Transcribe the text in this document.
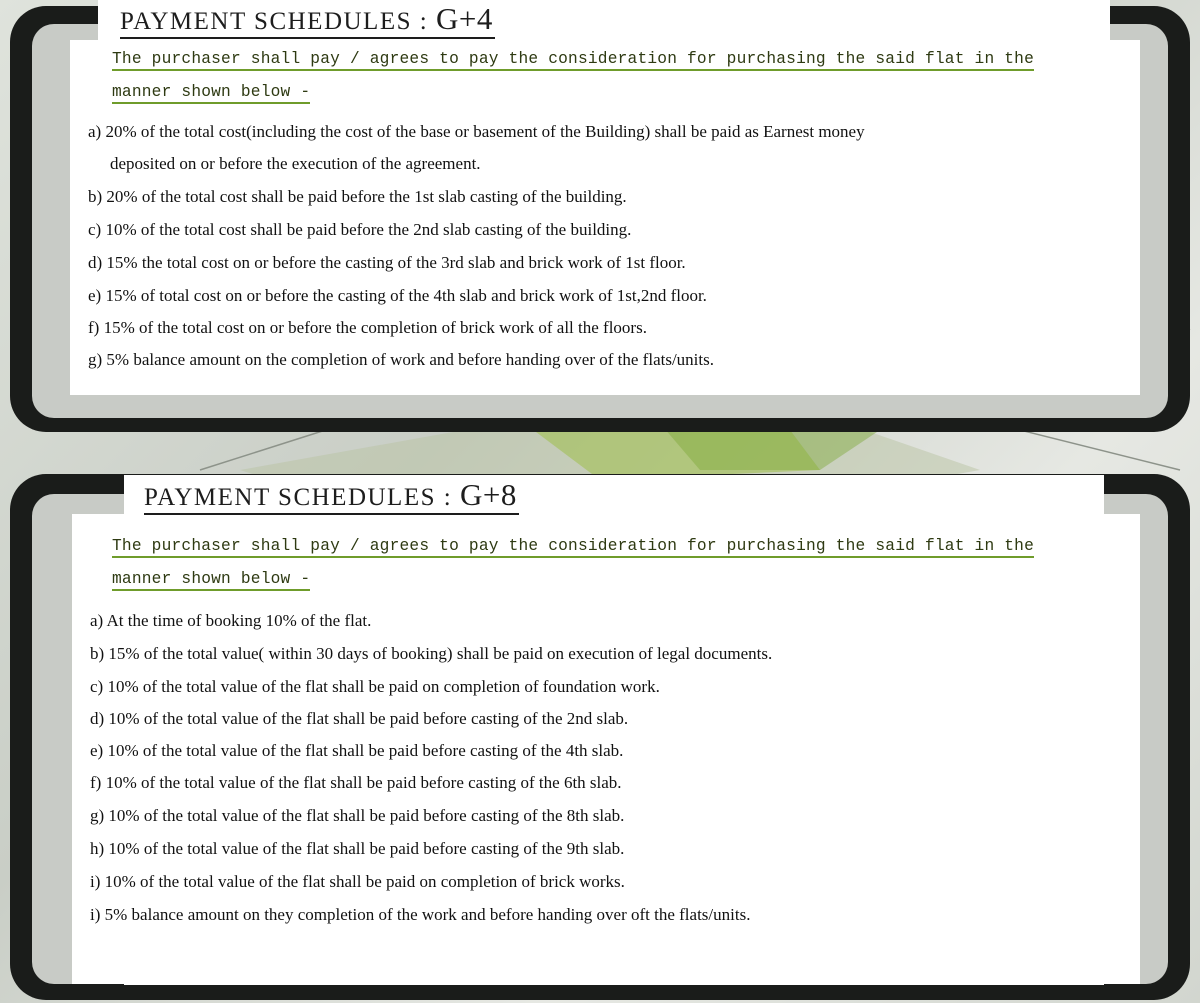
PAYMENT SCHEDULES : G+4
The purchaser shall pay / agrees to pay the consideration for purchasing the said flat in the
manner shown below -
a) 20% of the total cost(including the cost of the base or basement of the Building) shall be paid as Earnest money
deposited on or before the execution of the agreement.
b) 20% of the total cost shall be paid before the 1st slab casting of the building.
c) 10% of the total cost shall be paid before the 2nd slab casting of the building.
d) 15% the total cost on or before the casting of the 3rd slab and brick work of 1st floor.
e) 15% of total cost on or before the casting of the 4th slab and brick work of 1st,2nd floor.
f) 15% of the total cost on or before the completion of brick work of all the floors.
g) 5% balance amount on the completion of work and before handing over of the flats/units.
PAYMENT SCHEDULES : G+8
The purchaser shall pay / agrees to pay the consideration for purchasing the said flat in the
manner shown below -
a) At the time of booking 10% of the flat.
b) 15% of the total value( within 30 days of booking) shall be paid on execution of legal documents.
c) 10% of the total value of the flat shall be paid on completion of foundation work.
d) 10% of the total value of the flat shall be paid before casting of the 2nd slab.
e) 10% of the total value of the flat shall be paid before casting of the 4th slab.
f) 10% of the total value of the flat shall be paid before casting of the 6th slab.
g) 10% of the total value of the flat shall be paid before casting of the 8th slab.
h) 10% of the total value of the flat shall be paid before casting of the 9th slab.
i) 10% of the total value of the flat shall be paid on completion of brick works.
i) 5% balance amount on they completion of the work and before handing over oft the flats/units.
